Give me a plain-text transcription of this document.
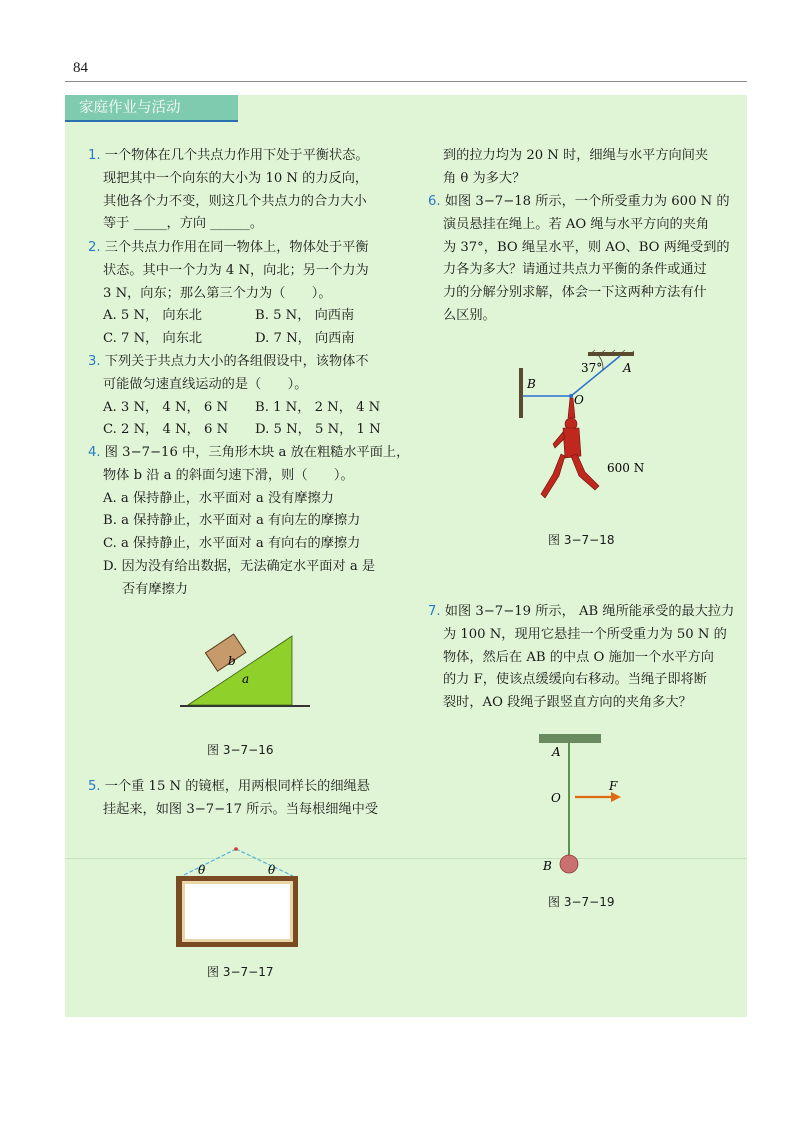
84
家庭作业与活动
1. 一个物体在几个共点力作用下处于平衡状态。
现把其中一个向东的大小为 10 N 的力反向，
其他各个力不变，则这几个共点力的合力大小
等于 _____，方向 ______。
2. 三个共点力作用在同一物体上，物体处于平衡
状态。其中一个力为 4 N，向北；另一个力为
3 N，向东；那么第三个力为（　　）。
A. 5 N， 向东北	B. 5 N， 向西南
C. 7 N， 向东北	D. 7 N， 向西南
3. 下列关于共点力大小的各组假设中，该物体不
可能做匀速直线运动的是（　　）。
A. 3 N， 4 N， 6 N B. 1 N， 2 N， 4 N
C. 2 N， 4 N， 6 N D. 5 N， 5 N， 1 N
4. 图 3−7−16 中，三角形木块 a 放在粗糙水平面上，
物体 b 沿 a 的斜面匀速下滑，则（　　）。
A. a 保持静止，水平面对 a 没有摩擦力
B. a 保持静止，水平面对 a 有向左的摩擦力
C. a 保持静止，水平面对 a 有向右的摩擦力
D. 因为没有给出数据，无法确定水平面对 a 是
否有摩擦力
b
a
图 3−7−16
5. 一个重 15 N 的镜框，用两根同样长的细绳悬
挂起来，如图 3−7−17 所示。当每根细绳中受
θ	θ
图 3−7−17
到的拉力均为 20 N 时，细绳与水平方向间夹
角 θ 为多大？
6. 如图 3−7−18 所示，一个所受重力为 600 N 的
演员悬挂在绳上。若 AO 绳与水平方向的夹角
为 37°，BO 绳呈水平，则 AO、BO 两绳受到的
力各为多大？请通过共点力平衡的条件或通过
力的分解分别求解，体会一下这两种方法有什
么区别。
37° A
B
O
600 N
图 3−7−18
7. 如图 3−7−19 所示， AB 绳所能承受的最大拉力
为 100 N，现用它悬挂一个所受重力为 50 N 的
物体，然后在 AB 的中点 O 施加一个水平方向
的力 F，使该点缓缓向右移动。当绳子即将断
裂时，AO 段绳子跟竖直方向的夹角多大？
A
O
F
B
图 3−7−19
